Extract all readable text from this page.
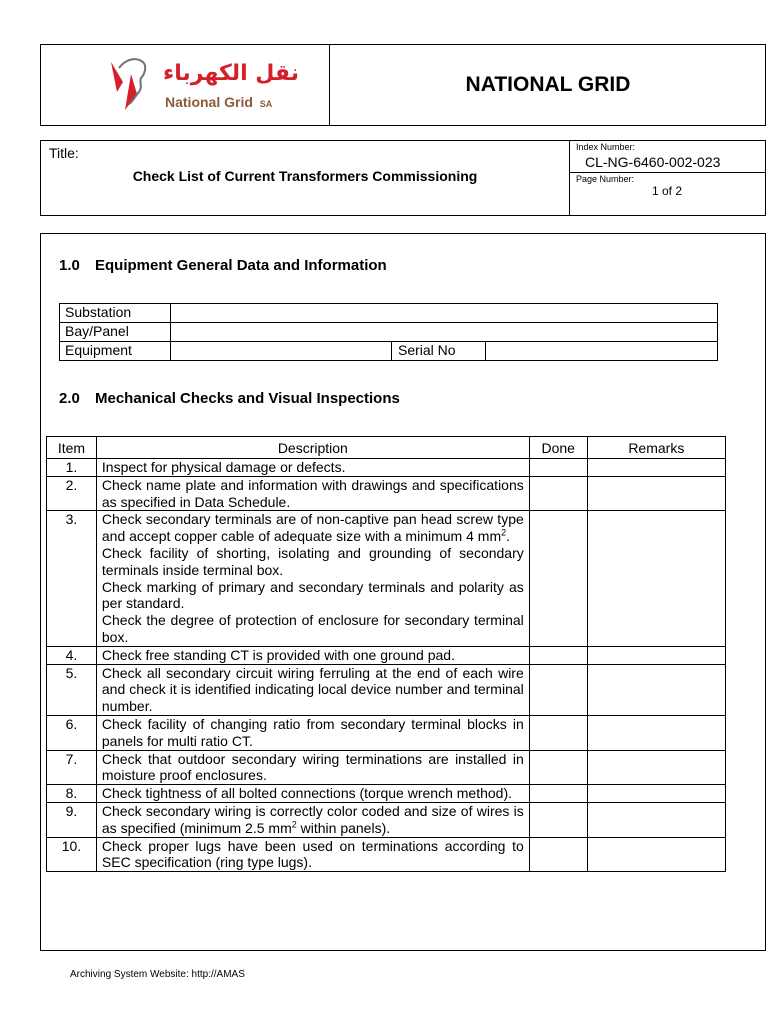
نقل الكهرباء
National Grid SA
NATIONAL GRID
Title:
Check List of Current Transformers Commissioning
Index Number:
CL-NG-6460-002-023
Page Number:
1 of 2
1.0 Equipment General Data and Information
Substation			
Bay/Panel			
Equipment		Serial No	
2.0 Mechanical Checks and Visual Inspections
Item	Description	Done	Remarks
1.	Inspect for physical damage or defects.		

2.	Check name plate and information with drawings and specifications as specified in Data Schedule.		

3.	Check secondary terminals are of non-captive pan head screw type and accept copper cable of adequate size with a minimum 4 $mm^2$.
Check facility of shorting, isolating and grounding of secondary terminals inside terminal box.
Check marking of primary and secondary terminals and polarity as per standard.
Check the degree of protection of enclosure for secondary terminal box.		

4.	Check free standing CT is provided with one ground pad.		

5.	Check all secondary circuit wiring ferruling at the end of each wire and check it is identified indicating local device number and terminal number.		

6.	Check facility of changing ratio from secondary terminal blocks in panels for multi ratio CT.		

7.	Check that outdoor secondary wiring terminations are installed in moisture proof enclosures.		

8.	Check tightness of all bolted connections (torque wrench method).		

9.	Check secondary wiring is correctly color coded and size of wires is as specified (minimum 2.5 $mm^2$ within panels).		

10.	Check proper lugs have been used on terminations according to SEC specification (ring type lugs).		

Archiving System Website: http://AMAS
